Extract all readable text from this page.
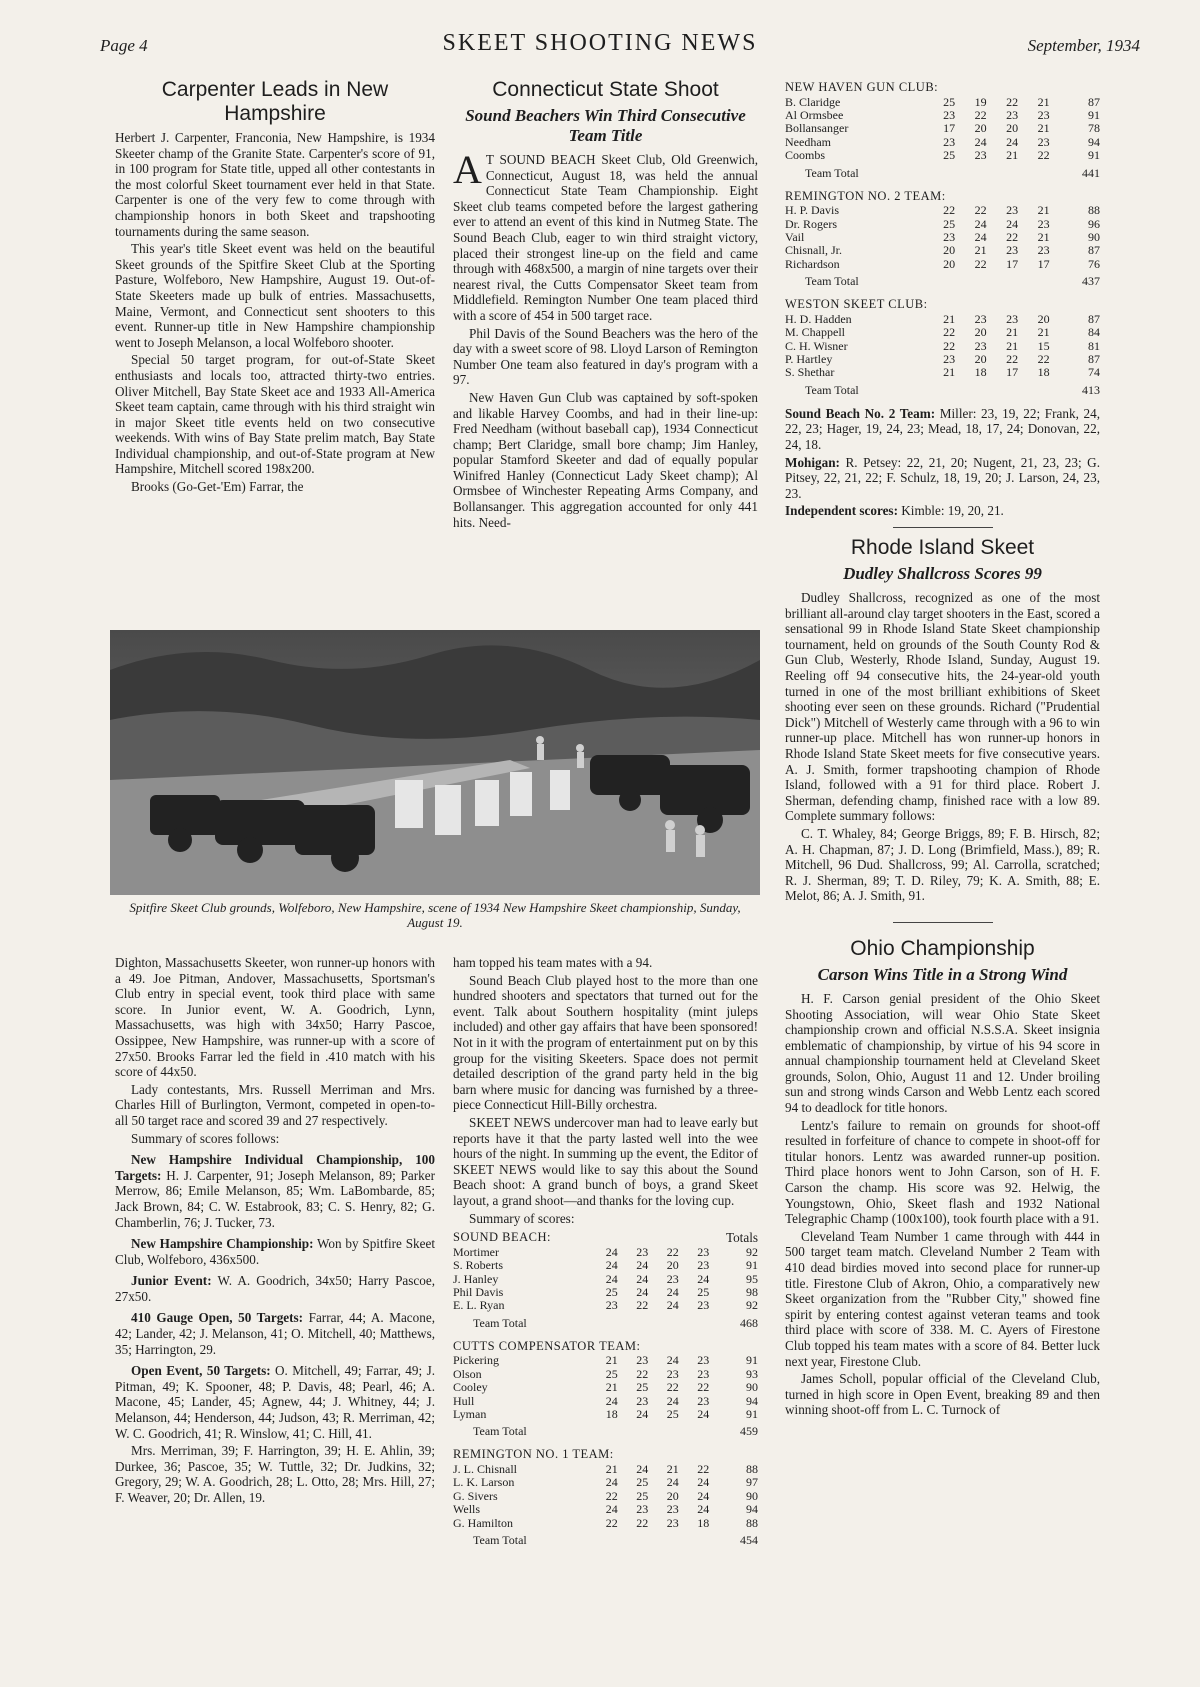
Page 4	SKEET SHOOTING NEWS	September, 1934
Carpenter Leads in New Hampshire

Herbert J. Carpenter, Franconia, New Hampshire, is 1934 Skeeter champ of the Granite State. Carpenter's score of 91, in 100 program for State title, upped all other contestants in the most colorful Skeet tournament ever held in that State. Carpenter is one of the very few to come through with championship honors in both Skeet and trapshooting tournaments during the same season.

This year's title Skeet event was held on the beautiful Skeet grounds of the Spitfire Skeet Club at the Sporting Pasture, Wolfeboro, New Hampshire, August 19. Out-of-State Skeeters made up bulk of entries. Massachusetts, Maine, Vermont, and Connecticut sent shooters to this event. Runner-up title in New Hampshire championship went to Joseph Melanson, a local Wolfeboro shooter.

Special 50 target program, for out-of-State Skeet enthusiasts and locals too, attracted thirty-two entries. Oliver Mitchell, Bay State Skeet ace and 1933 All-America Skeet team captain, came through with his third straight win in major Skeet title events held on two consecutive weekends. With wins of Bay State prelim match, Bay State Individual championship, and out-of-State program at New Hampshire, Mitchell scored 198x200.

Brooks (Go-Get-'Em) Farrar, the

Connecticut State Shoot
Sound Beachers Win Third Consecutive Team Title

A T SOUND BEACH Skeet Club, Old Greenwich, Connecticut, August 18, was held the annual Connecticut State Team Championship. Eight Skeet club teams competed before the largest gathering ever to attend an event of this kind in Nutmeg State. The Sound Beach Club, eager to win third straight victory, placed their strongest line-up on the field and came through with 468x500, a margin of nine targets over their nearest rival, the Cutts Compensator Skeet team from Middlefield. Remington Number One team placed third with a score of 454 in 500 target race.

Phil Davis of the Sound Beachers was the hero of the day with a sweet score of 98. Lloyd Larson of Remington Number One team also featured in day's program with a 97.

New Haven Gun Club was captained by soft-spoken and likable Harvey Coombs, and had in their line-up: Fred Needham (without baseball cap), 1934 Connecticut champ; Bert Claridge, small bore champ; Jim Hanley, popular Stamford Skeeter and dad of equally popular Winifred Hanley (Connecticut Lady Skeet champ); Al Ormsbee of Winchester Repeating Arms Company, and Bollansanger. This aggregation accounted for only 441 hits. Need-

NEW HAVEN GUN CLUB:
B. Claridge	25	19	22	21	87
Al Ormsbee	23	22	23	23	91
Bollansanger	17	20	20	21	78
Needham	23	24	24	23	94
Coombs	25	23	21	22	91
Team Total	441
REMINGTON NO. 2 TEAM:
H. P. Davis	22	22	23	21	88
Dr. Rogers	25	24	24	23	96
Vail	23	24	22	21	90
Chisnall, Jr.	20	21	23	23	87
Richardson	20	22	17	17	76
Team Total	437
WESTON SKEET CLUB:
H. D. Hadden	21	23	23	20	87
M. Chappell	22	20	21	21	84
C. H. Wisner	22	23	21	15	81
P. Hartley	23	20	22	22	87
S. Shethar	21	18	17	18	74
Team Total	413

Sound Beach No. 2 Team: Miller: 23, 19, 22; Frank, 24, 22, 23; Hager, 19, 24, 23; Mead, 18, 17, 24; Donovan, 22, 24, 18.

Mohigan: R. Petsey: 22, 21, 20; Nugent, 21, 23, 23; G. Pitsey, 22, 21, 22; F. Schulz, 18, 19, 20; J. Larson, 24, 23, 23.

Independent scores: Kimble: 19, 20, 21.

Rhode Island Skeet
Dudley Shallcross Scores 99

Dudley Shallcross, recognized as one of the most brilliant all-around clay target shooters in the East, scored a sensational 99 in Rhode Island State Skeet championship tournament, held on grounds of the South County Rod & Gun Club, Westerly, Rhode Island, Sunday, August 19. Reeling off 94 consecutive hits, the 24-year-old youth turned in one of the most brilliant exhibitions of Skeet shooting ever seen on these grounds. Richard ("Prudential Dick") Mitchell of Westerly came through with a 96 to win runner-up place. Mitchell has won runner-up honors in Rhode Island State Skeet meets for five consecutive years. A. J. Smith, former trapshooting champion of Rhode Island, followed with a 91 for third place. Robert J. Sherman, defending champ, finished race with a low 89. Complete summary follows:

C. T. Whaley, 84; George Briggs, 89; F. B. Hirsch, 82; A. H. Chapman, 87; J. D. Long (Brimfield, Mass.), 89; R. Mitchell, 96 Dud. Shallcross, 99; Al. Carrolla, scratched; R. J. Sherman, 89; T. D. Riley, 79; K. A. Smith, 88; E. Melot, 86; A. J. Smith, 91.

Ohio Championship
Carson Wins Title in a Strong Wind

H. F. Carson genial president of the Ohio Skeet Shooting Association, will wear Ohio State Skeet championship crown and official N.S.S.A. Skeet insignia emblematic of championship, by virtue of his 94 score in annual championship tournament held at Cleveland Skeet grounds, Solon, Ohio, August 11 and 12. Under broiling sun and strong winds Carson and Webb Lentz each scored 94 to deadlock for title honors.

Lentz's failure to remain on grounds for shoot-off resulted in forfeiture of chance to compete in shoot-off for titular honors. Lentz was awarded runner-up position. Third place honors went to John Carson, son of H. F. Carson the champ. His score was 92. Helwig, the Youngstown, Ohio, Skeet flash and 1932 National Telegraphic Champ (100x100), took fourth place with a 91.

Cleveland Team Number 1 came through with 444 in 500 target team match. Cleveland Number 2 Team with 410 dead birdies moved into second place for runner-up title. Firestone Club of Akron, Ohio, a comparatively new Skeet organization from the "Rubber City," showed fine spirit by entering contest against veteran teams and took third place with score of 338. M. C. Ayers of Firestone Club topped his team mates with a score of 84. Better luck next year, Firestone Club.

James Scholl, popular official of the Cleveland Club, turned in high score in Open Event, breaking 89 and then winning shoot-off from L. C. Turnock of

Spitfire Skeet Club grounds, Wolfeboro, New Hampshire, scene of 1934 New Hampshire Skeet championship, Sunday, August 19.

Dighton, Massachusetts Skeeter, won runner-up honors with a 49. Joe Pitman, Andover, Massachusetts, Sportsman's Club entry in special event, took third place with same score. In Junior event, W. A. Goodrich, Lynn, Massachusetts, was high with 34x50; Harry Pascoe, Ossippee, New Hampshire, was runner-up with a score of 27x50. Brooks Farrar led the field in .410 match with his score of 44x50.

Lady contestants, Mrs. Russell Merriman and Mrs. Charles Hill of Burlington, Vermont, competed in open-to-all 50 target race and scored 39 and 27 respectively.

Summary of scores follows:

New Hampshire Individual Championship, 100 Targets: H. J. Carpenter, 91; Joseph Melanson, 89; Parker Merrow, 86; Emile Melanson, 85; Wm. LaBombarde, 85; Jack Brown, 84; C. W. Estabrook, 83; C. S. Henry, 82; G. Chamberlin, 76; J. Tucker, 73.

New Hampshire Championship: Won by Spitfire Skeet Club, Wolfeboro, 436x500.

Junior Event: W. A. Goodrich, 34x50; Harry Pascoe, 27x50.

410 Gauge Open, 50 Targets: Farrar, 44; A. Macone, 42; Lander, 42; J. Melanson, 41; O. Mitchell, 40; Matthews, 35; Harrington, 29.

Open Event, 50 Targets: O. Mitchell, 49; Farrar, 49; J. Pitman, 49; K. Spooner, 48; P. Davis, 48; Pearl, 46; A. Macone, 45; Lander, 45; Agnew, 44; J. Whitney, 44; J. Melanson, 44; Henderson, 44; Judson, 43; R. Merriman, 42; W. C. Goodrich, 41; R. Winslow, 41; C. Hill, 41.

Mrs. Merriman, 39; F. Harrington, 39; H. E. Ahlin, 39; Durkee, 36; Pascoe, 35; W. Tuttle, 32; Dr. Judkins, 32; Gregory, 29; W. A. Goodrich, 28; L. Otto, 28; Mrs. Hill, 27; F. Weaver, 20; Dr. Allen, 19.

ham topped his team mates with a 94.

Sound Beach Club played host to the more than one hundred shooters and spectators that turned out for the event. Talk about Southern hospitality (mint juleps included) and other gay affairs that have been sponsored! Not in it with the program of entertainment put on by this group for the visiting Skeeters. Space does not permit detailed description of the grand party held in the big barn where music for dancing was furnished by a three-piece Connecticut Hill-Billy orchestra.

SKEET NEWS undercover man had to leave early but reports have it that the party lasted well into the wee hours of the night. In summing up the event, the Editor of SKEET NEWS would like to say this about the Sound Beach shoot: A grand bunch of boys, a grand Skeet layout, a grand shoot—and thanks for the loving cup.

Summary of scores:

SOUND BEACH:	Totals
Mortimer	24	23	22	23	92
S. Roberts	24	24	20	23	91
J. Hanley	24	24	23	24	95
Phil Davis	25	24	24	25	98
E. L. Ryan	23	22	24	23	92
Team Total	468
CUTTS COMPENSATOR TEAM:
Pickering	21	23	24	23	91
Olson	25	22	23	23	93
Cooley	21	25	22	22	90
Hull	24	23	24	23	94
Lyman	18	24	25	24	91
Team Total	459
REMINGTON NO. 1 TEAM:
J. L. Chisnall	21	24	21	22	88
L. K. Larson	24	25	24	24	97
G. Sivers	22	25	20	24	90
Wells	24	23	23	24	94
G. Hamilton	22	22	23	18	88
Team Total	454
